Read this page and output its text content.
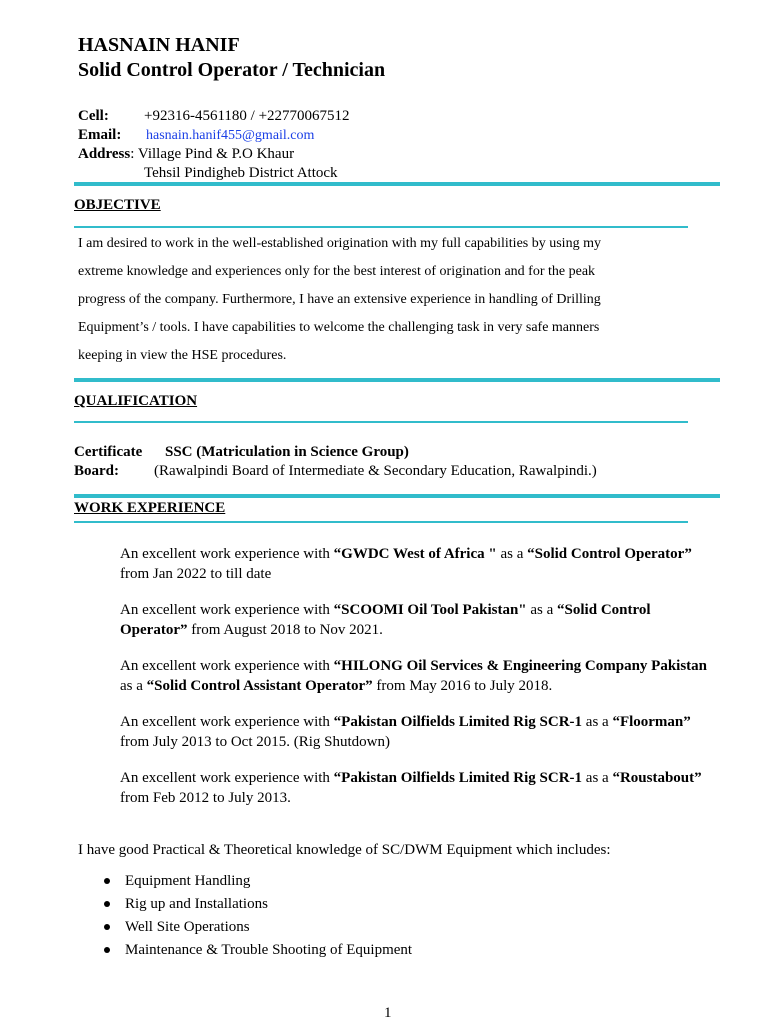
HASNAIN HANIF
Solid Control Operator / Technician
Cell: +92316-4561180 / +22770067512
Email: hasnain.hanif455@gmail.com
Address: Village Pind & P.O Khaur
Tehsil Pindigheb District Attock
OBJECTIVE
I am desired to work in the well-established origination with my full capabilities by using my
extreme knowledge and experiences only for the best interest of origination and for the peak
progress of the company. Furthermore, I have an extensive experience in handling of Drilling
Equipment’s / tools. I have capabilities to welcome the challenging task in very safe manners
keeping in view the HSE procedures.
QUALIFICATION
Certificate SSC (Matriculation in Science Group)
Board: (Rawalpindi Board of Intermediate & Secondary Education, Rawalpindi.)
WORK EXPERIENCE
An excellent work experience with “GWDC West of Africa " as a “Solid Control Operator”
from Jan 2022 to till date
An excellent work experience with “SCOOMI Oil Tool Pakistan" as a “Solid Control
Operator” from August 2018 to Nov 2021.
An excellent work experience with “HILONG Oil Services & Engineering Company Pakistan
as a “Solid Control Assistant Operator” from May 2016 to July 2018.
An excellent work experience with “Pakistan Oilfields Limited Rig SCR-1 as a “Floorman”
from July 2013 to Oct 2015. (Rig Shutdown)
An excellent work experience with “Pakistan Oilfields Limited Rig SCR-1 as a “Roustabout”
from Feb 2012 to July 2013.
I have good Practical & Theoretical knowledge of SC/DWM Equipment which includes:
Equipment Handling
Rig up and Installations
Well Site Operations
Maintenance & Trouble Shooting of Equipment
1
